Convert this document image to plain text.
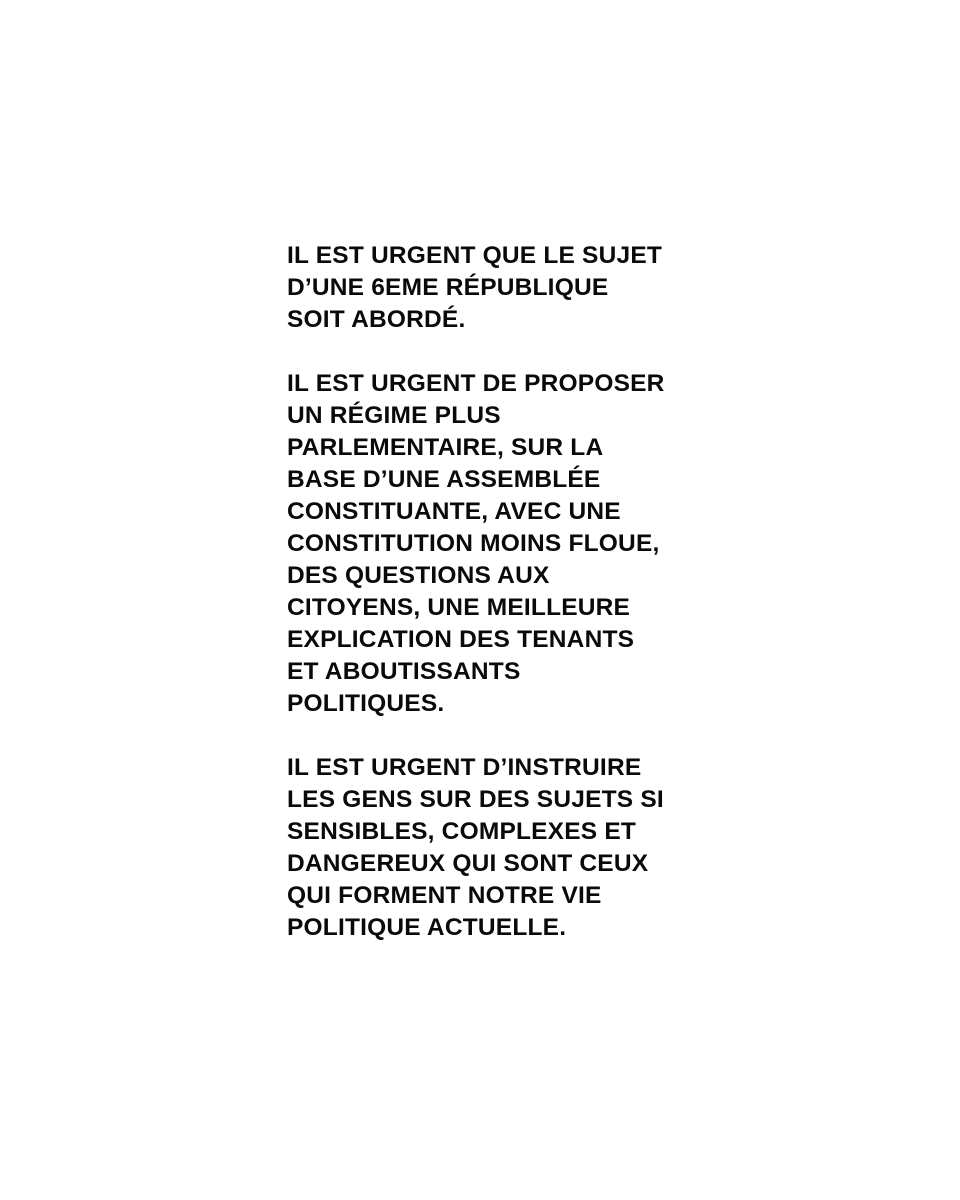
IL EST URGENT QUE LE SUJET
D’UNE 6EME RÉPUBLIQUE
SOIT ABORDÉ.

IL EST URGENT DE PROPOSER
UN RÉGIME PLUS
PARLEMENTAIRE, SUR LA
BASE D’UNE ASSEMBLÉE
CONSTITUANTE, AVEC UNE
CONSTITUTION MOINS FLOUE,
DES QUESTIONS AUX
CITOYENS, UNE MEILLEURE
EXPLICATION DES TENANTS
ET ABOUTISSANTS
POLITIQUES.

IL EST URGENT D’INSTRUIRE
LES GENS SUR DES SUJETS SI
SENSIBLES, COMPLEXES ET
DANGEREUX QUI SONT CEUX
QUI FORMENT NOTRE VIE
POLITIQUE ACTUELLE.
